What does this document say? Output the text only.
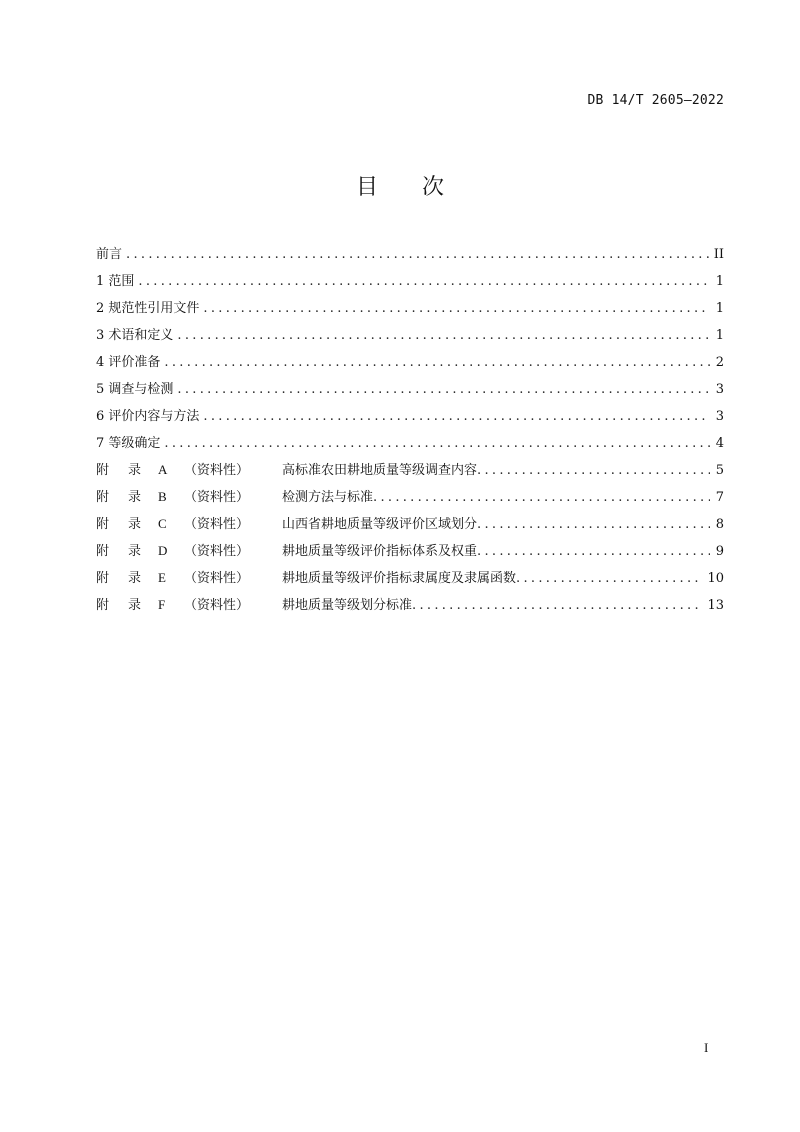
DB 14/T 2605—2022
目 次
前言 .....	II
1 范围 .....	1
2 规范性引用文件 .....	1
3 术语和定义 .....	1
4 评价准备 .....	2
5 调查与检测 .....	3
6 评价内容与方法 .....	3
7 等级确定 .....	4
附 录 A （资料性）	高标准农田耕地质量等级调查内容 .....	5
附 录 B （资料性）	检测方法与标准 .....	7
附 录 C （资料性）	山西省耕地质量等级评价区域划分 .....	8
附 录 D （资料性）	耕地质量等级评价指标体系及权重 .....	9
附 录 E （资料性）	耕地质量等级评价指标隶属度及隶属函数 .....	10
附 录 F （资料性）	耕地质量等级划分标准 .....	13
I
